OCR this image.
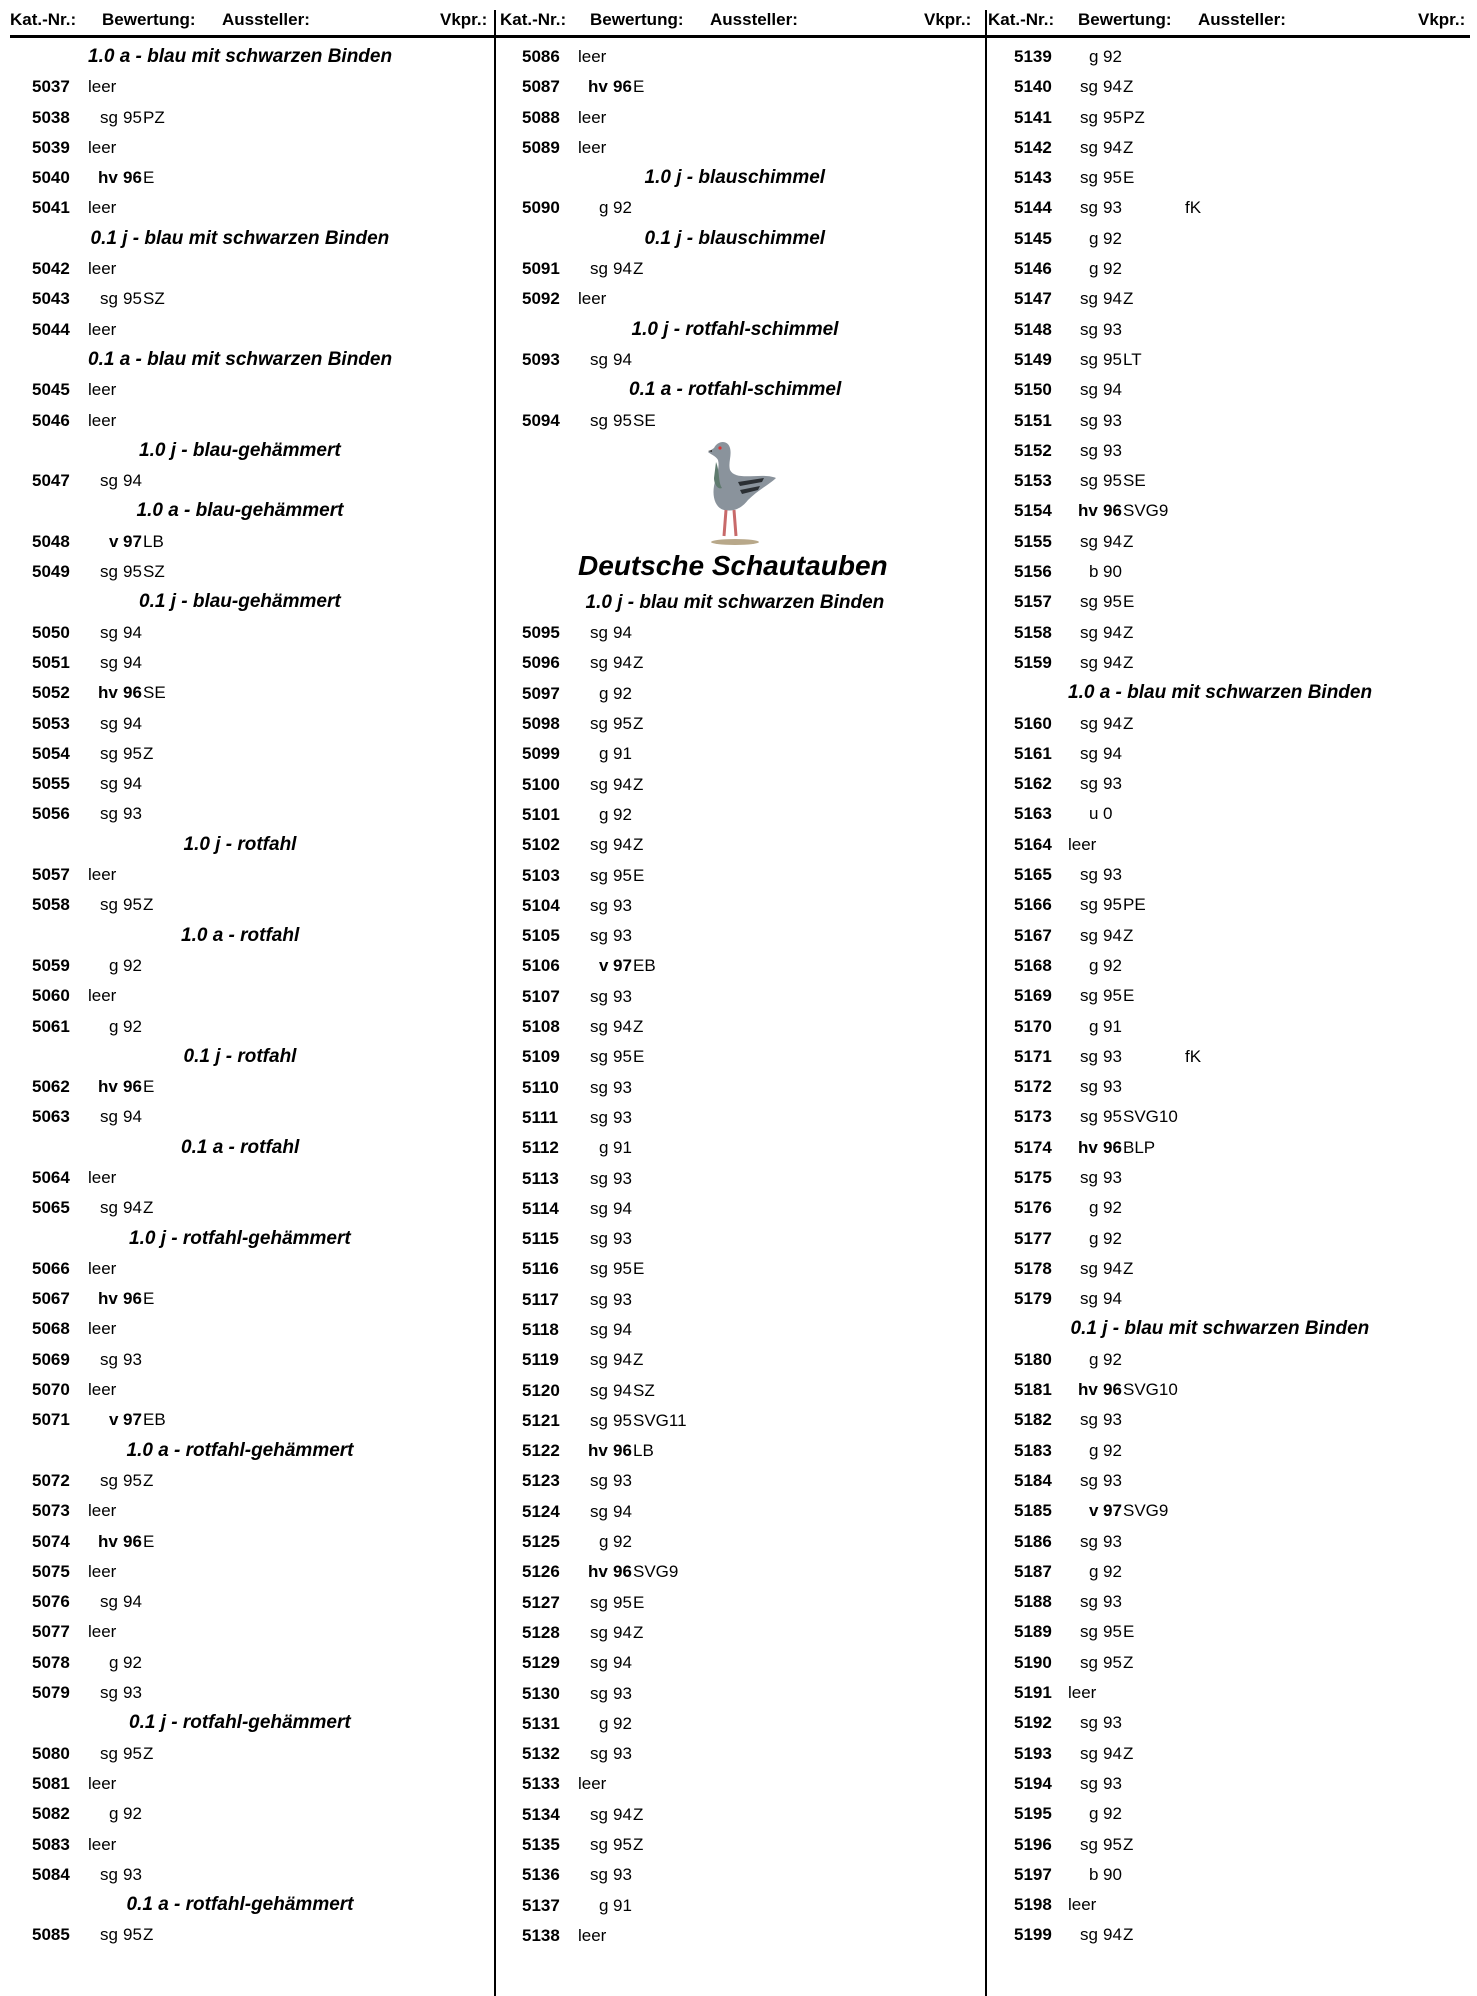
Kat.-Nr.: Bewertung: Aussteller:	Vkpr.: Kat.-Nr.: Bewertung: Aussteller:	Vkpr.: Kat.-Nr.: Bewertung: Aussteller:	Vkpr.:
1.0 a - blau mit schwarzen Binden
5037 leer
5038 sg 95 PZ
5039 leer
5040 hv 96 E
5041 leer
0.1 j - blau mit schwarzen Binden
5042 leer
5043 sg 95 SZ
5044 leer
0.1 a - blau mit schwarzen Binden
5045 leer
5046 leer
1.0 j - blau-gehämmert
5047 sg 94
1.0 a - blau-gehämmert
5048 v 97 LB
5049 sg 95 SZ
0.1 j - blau-gehämmert
5050 sg 94
5051 sg 94
5052 hv 96 SE
5053 sg 94
5054 sg 95 Z
5055 sg 94
5056 sg 93
1.0 j - rotfahl
5057 leer
5058 sg 95 Z
1.0 a - rotfahl
5059 g 92
5060 leer
5061 g 92
0.1 j - rotfahl
5062 hv 96 E
5063 sg 94
0.1 a - rotfahl
5064 leer
5065 sg 94 Z
1.0 j - rotfahl-gehämmert
5066 leer
5067 hv 96 E
5068 leer
5069 sg 93
5070 leer
5071 v 97 EB
1.0 a - rotfahl-gehämmert
5072 sg 95 Z
5073 leer
5074 hv 96 E
5075 leer
5076 sg 94
5077 leer
5078 g 92
5079 sg 93
0.1 j - rotfahl-gehämmert
5080 sg 95 Z
5081 leer
5082 g 92
5083 leer
5084 sg 93
0.1 a - rotfahl-gehämmert
5085 sg 95 Z
5086 leer
5087 hv 96 E
5088 leer
5089 leer
1.0 j - blauschimmel
5090 g 92
0.1 j - blauschimmel
5091 sg 94 Z
5092 leer
1.0 j - rotfahl-schimmel
5093 sg 94
0.1 a - rotfahl-schimmel
5094 sg 95 SE
Deutsche Schautauben
1.0 j - blau mit schwarzen Binden
5095 sg 94
5096 sg 94 Z
5097 g 92
5098 sg 95 Z
5099 g 91
5100 sg 94 Z
5101 g 92
5102 sg 94 Z
5103 sg 95 E
5104 sg 93
5105 sg 93
5106 v 97 EB
5107 sg 93
5108 sg 94 Z
5109 sg 95 E
5110 sg 93
5111 sg 93
5112 g 91
5113 sg 93
5114 sg 94
5115 sg 93
5116 sg 95 E
5117 sg 93
5118 sg 94
5119 sg 94 Z
5120 sg 94 SZ
5121 sg 95 SVG11
5122 hv 96 LB
5123 sg 93
5124 sg 94
5125 g 92
5126 hv 96 SVG9
5127 sg 95 E
5128 sg 94 Z
5129 sg 94
5130 sg 93
5131 g 92
5132 sg 93
5133 leer
5134 sg 94 Z
5135 sg 95 Z
5136 sg 93
5137 g 91
5138 leer
5139 g 92
5140 sg 94 Z
5141 sg 95 PZ
5142 sg 94 Z
5143 sg 95 E
5144 sg 93	fK
5145 g 92
5146 g 92
5147 sg 94 Z
5148 sg 93
5149 sg 95 LT
5150 sg 94
5151 sg 93
5152 sg 93
5153 sg 95 SE
5154 hv 96 SVG9
5155 sg 94 Z
5156 b 90
5157 sg 95 E
5158 sg 94 Z
5159 sg 94 Z
1.0 a - blau mit schwarzen Binden
5160 sg 94 Z
5161 sg 94
5162 sg 93
5163 u 0
5164 leer
5165 sg 93
5166 sg 95 PE
5167 sg 94 Z
5168 g 92
5169 sg 95 E
5170 g 91
5171 sg 93	fK
5172 sg 93
5173 sg 95 SVG10
5174 hv 96 BLP
5175 sg 93
5176 g 92
5177 g 92
5178 sg 94 Z
5179 sg 94
0.1 j - blau mit schwarzen Binden
5180 g 92
5181 hv 96 SVG10
5182 sg 93
5183 g 92
5184 sg 93
5185 v 97 SVG9
5186 sg 93
5187 g 92
5188 sg 93
5189 sg 95 E
5190 sg 95 Z
5191 leer
5192 sg 93
5193 sg 94 Z
5194 sg 93
5195 g 92
5196 sg 95 Z
5197 b 90
5198 leer
5199 sg 94 Z
